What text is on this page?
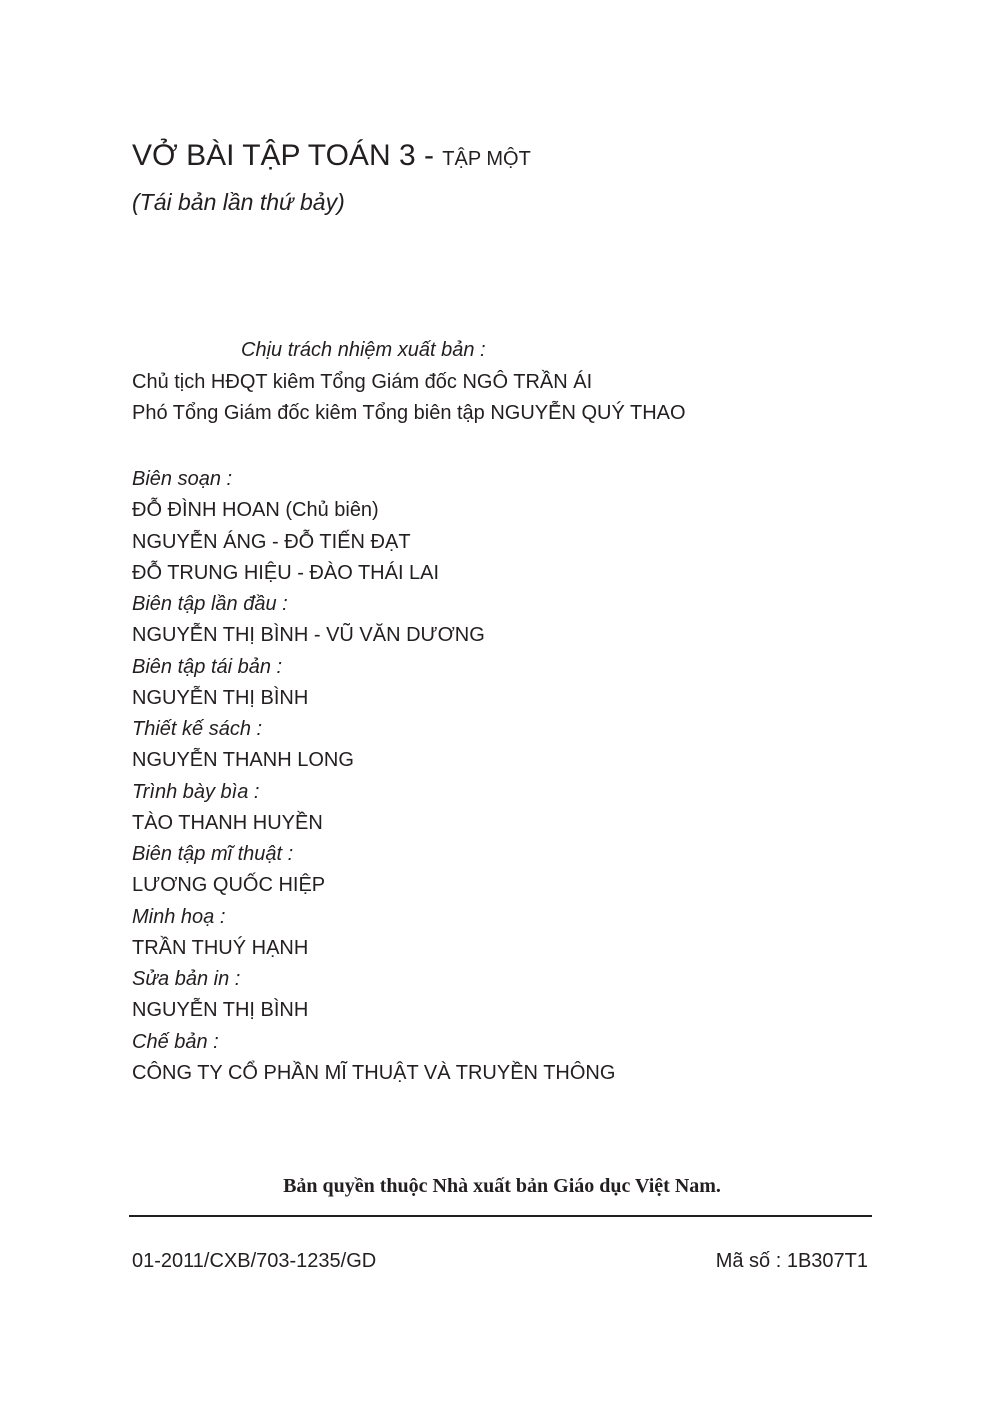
VỞ BÀI TẬP TOÁN 3 - TẬP MỘT
(Tái bản lần thứ bảy)
Chịu trách nhiệm xuất bản :
Chủ tịch HĐQT kiêm Tổng Giám đốc NGÔ TRẦN ÁI
Phó Tổng Giám đốc kiêm Tổng biên tập NGUYỄN QUÝ THAO
Biên soạn :
ĐỖ ĐÌNH HOAN (Chủ biên)
NGUYỄN ÁNG - ĐỖ TIẾN ĐẠT
ĐỖ TRUNG HIỆU - ĐÀO THÁI LAI
Biên tập lần đầu :
NGUYỄN THỊ BÌNH - VŨ VĂN DƯƠNG
Biên tập tái bản :
NGUYỄN THỊ BÌNH
Thiết kế sách :
NGUYỄN THANH LONG
Trình bày bìa :
TÀO THANH HUYỀN
Biên tập mĩ thuật :
LƯƠNG QUỐC HIỆP
Minh hoạ :
TRẦN THUÝ HẠNH
Sửa bản in :
NGUYỄN THỊ BÌNH
Chế bản :
CÔNG TY CỔ PHẦN MĨ THUẬT VÀ TRUYỀN THÔNG
Bản quyền thuộc Nhà xuất bản Giáo dục Việt Nam.
01-2011/CXB/703-1235/GD	Mã số : 1B307T1
